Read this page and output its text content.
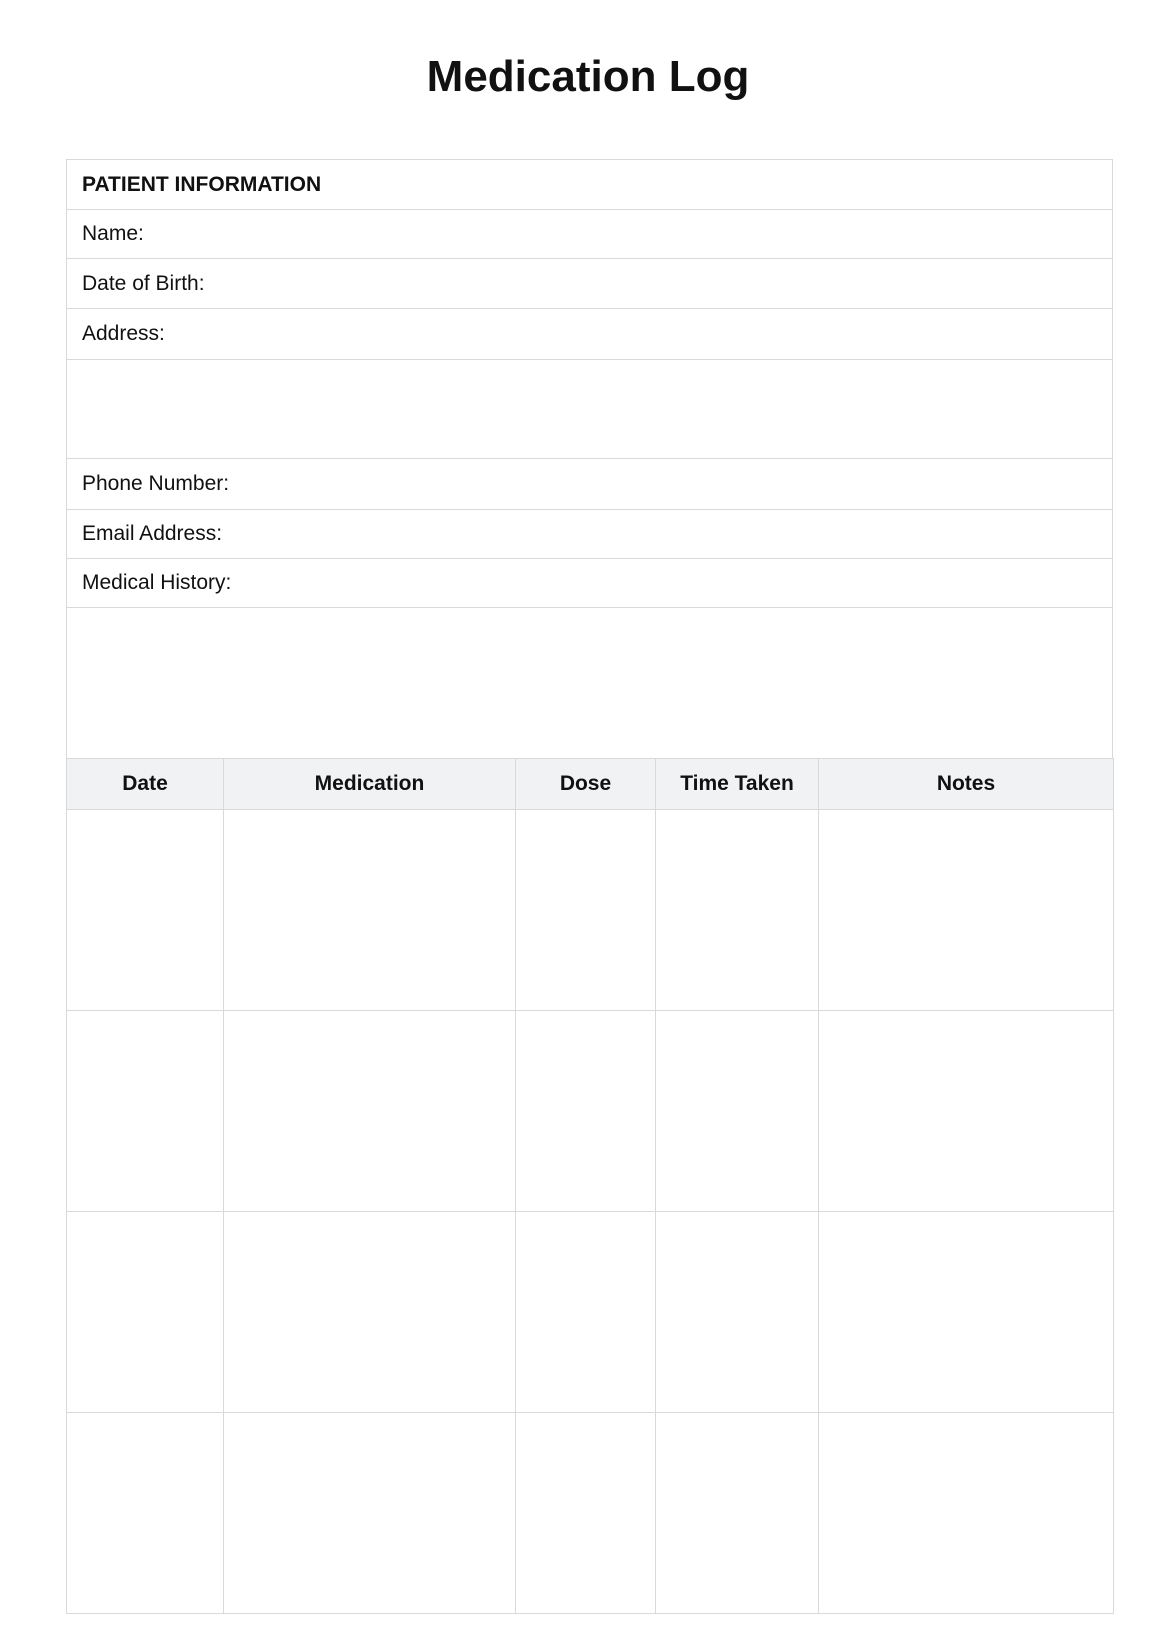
Medication Log
PATIENT INFORMATION
Name:
Date of Birth:
Address:
Phone Number:
Email Address:
Medical History:
Date	Medication	Dose	Time Taken	Notes
